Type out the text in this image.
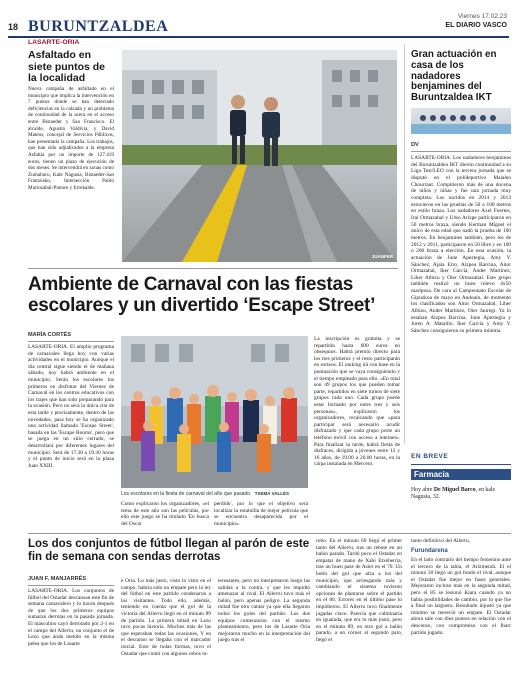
18 BURUNTZALDEA
Viernes 17.02.23
EL DIARIO VASCO
LASARTE-ORIA
Asfaltado en siete puntos de la localidad
Nueva campaña de asfaltado en el municipio que implica la intervención en 7 puntos donde se han detectado deficiencias en la calzada y un problema de continuidad de la acera en el acceso entre Bistaeder y San Francisco. El alcalde, Agustín Valdivia, y David Mateos, concejal de Servicios Públicos, han presentado la campaña. Los trabajos, que han sido adjudicados a la empresa Asfaltia por un importe de 127.419 euros, tienen un plazo de ejecución de dos meses. Se intervendrá en zonas como Zumaburu, Kale Nagusia, Bistaeder-San Frantzisko, Intersección Pablo Mutiozabal-Pintore y Errekalde.
JUANFER
Gran actuación en casa de los nadadores benjamines del Buruntzaldea IKT
DV
LASARTE-ORIA. Los nadadores benjamines del Buruntzaldea IKT dieron continuidad a su Liga Test/LEO con la tercera jornada que se disputó en el polideportivo Maialen Chourraut. Compitieron más de una docena de niños y niñas y fue una jornada muy completa. Los nacidos en 2014 y 2013 estuvieron en las pruebas de 50 o 100 metros en estilo braza. Los nadadores Axel Fuertes, Iraí Ormazabal y Urko Arizpe participaron en 50 metros braza, siendo Kerman Miguel el único de esta edad que nadó la prueba de 100 metros. En benjamines también, pero los de 2012 y 2011, participaron en 50 libre y en 100 o 200 braza a elección. En esta ocasión, la actuación de June Apeztegia, Amy Y. Sánchez, Ajala Erro, Aizpea Barcina, Aitor Ormazabal, Iker García, Ander Martínez, Liher Albizu y Oier Ormazabal. Este grupo también realizó un buen relevo 4x50 mariposa. De cara al Campeonato Escolar de Gipuzkoa de mayo en Andoain, de momento los clasificados son Aitor Ormazabal, Liher Albizu, Ander Martínez, Oier Jauregi. Ya lo estaban Aizpea Barcina, June Apeztegia y Juren A. Mataillo. Iker García y Amy Y. Sánchez consiguieron su primera mínima.
Ambiente de Carnaval con las fiestas escolares y un divertido ‘Escape Street’
MARÍA CORTÉS
LASARTE-ORIA. El amplio programa de carnavales llega hoy con varias actividades en el municipio. Aunque el día central sigue siendo el de mañana sábado, hoy habrá ambiente en el municipio. Serán los escolares los primeros en disfrutar del Viernes de Carnaval en los centros educativos con los trajes que han sido preparando para la ocasión. Pero no será la única cita de esta tarde y precisamente, dentro de las novedades, para hoy se ha organizado una actividad llamada 'Escape Street', basada en las 'Escape Rooms', pero que se juega en un sitio cerrado, se desarrollará por diferentes lugares del municipio. Será de 17.30 a 19.30 horas y el punto de inicio será en la plaza Juan XXIII.
Los escolares en la fiesta de carnaval del año que pasado. TXEMA VALLÉS
Como explicaron los organizadores, «el tema de este año son las películas, por ello este juego se ha titulado 'En busca del Oscar
perdido', por lo que el objetivo será localizar la estatuilla de mejor película que se encuentra desaparecida por el municipio».
La inscripción es gratuita y se repartirán hasta 600 euros en obsequios. Habrá premio directo para los tres primeros y el resto participarán en sorteos. El ranking irá con base en la puntuación que se vaya consiguiendo y el tiempo empleado para ello. «En total son 49 grupos los que pueden tomar parte, repartidos en siete turnos de siete grupos cada uno. Cada grupo puede estar formado por entre tres y seis personas», explicaron los organizadores, recalcando que «para participar será necesario acudir disfrazado y que cada grupo porte un teléfono móvil con acceso a internet». Para finalizar la tarde, habrá fiesta de disfraces, dirigida a jóvenes entre 12 y 16 años, de 19.00 a 20.00 horas, en la carpa instalada en Mercero.
EN BREVE
Farmacia
Hoy abre De Miguel Barco, en kale Nagusia, 32.
Los dos conjuntos de fútbol llegan al parón de este fin de semana con sendas derrotas
JUAN F. MANJARRÉS
LASARTE-ORIA. Los conjuntos de fútbol del Ostadar descansan este fin de semana carnavalero y lo hacen después de que los dos primeros equipos sumaran derrotas en la pasada jornada. El masculino cayó derrotado por 2-1 en el campo del Allerru, un conjunto el de Lezo que anda metido en la misma pelea que los de Lasarte
e Oria. Lo más justo, visto lo visto en el campo, habría sido un empate pero la ley del fútbol en este partido condenaron a los visitantes. Todo ello, además, teniendo en cuenta que el gol de la victoria del Allerru llegó en el minuto 89 de partido. La primera mitad en Lezo tuvo pocas historia. Muchos más de las que esperaban todas las ocasiones, Y en el descanso se llegaba con el marcador inicial. Esto de todas formas, tuvo el Ostadar que contó con algunos robos in-
teresantes, pero no interpretaron luego las salidas a la contra, y que les impidió amenazar al rival. El Allerru tuvo más el balón, pero apenas peligro. La segunda mitad fue otro cantar ya que ella llegaron todos los goles del partido. Los dos equipos comenzaron con el mismo planteamiento, pero los de Lasarte Oria mejoraron mucho en la interpretación del juego tras el
robo. En el minuto 60 llegó el primer tanto del Allerru, tras un rebote en un balón parado. Tardó poco el Ostadar en empatar de mano de Xabi Etxeberria, tras un buen pase de Asier en el 70. Un botín del gol que alza a los del municipio, que arriesgando más y cambiando el sistema tuvieron opciones de plantarse sobre el partido en el 80. Errores en el último pase lo impidieron. El Allerru tuvo finalmente jugadas clave. Parecía que culminaría en igualada, que era lo más justo, pero en el minuto 89, en otro gol a balón parado, a un córner al segundo palo, llegó el
tanto definitivo del Allerru.
Furundarena
En el lado contrario del tiempo femenino ante el tercero de la tabla, el Arizmendi. El el minuto 30 llegó un gol fondo el rival, aunque el Ostadar fue mejor en fases generales. Mejoraron incluso más en la segunda mitad, pero el 85 se lesionó Kiara cuando ya no había posibilidades de cambio, por lo que fue a final un largueru. Resultado injusto ya que mínimo se mereció un empate. El Ostadar ahora sale con diez puntos en relación con el descenso, con compromiso con el Ibarr partido jugado.
